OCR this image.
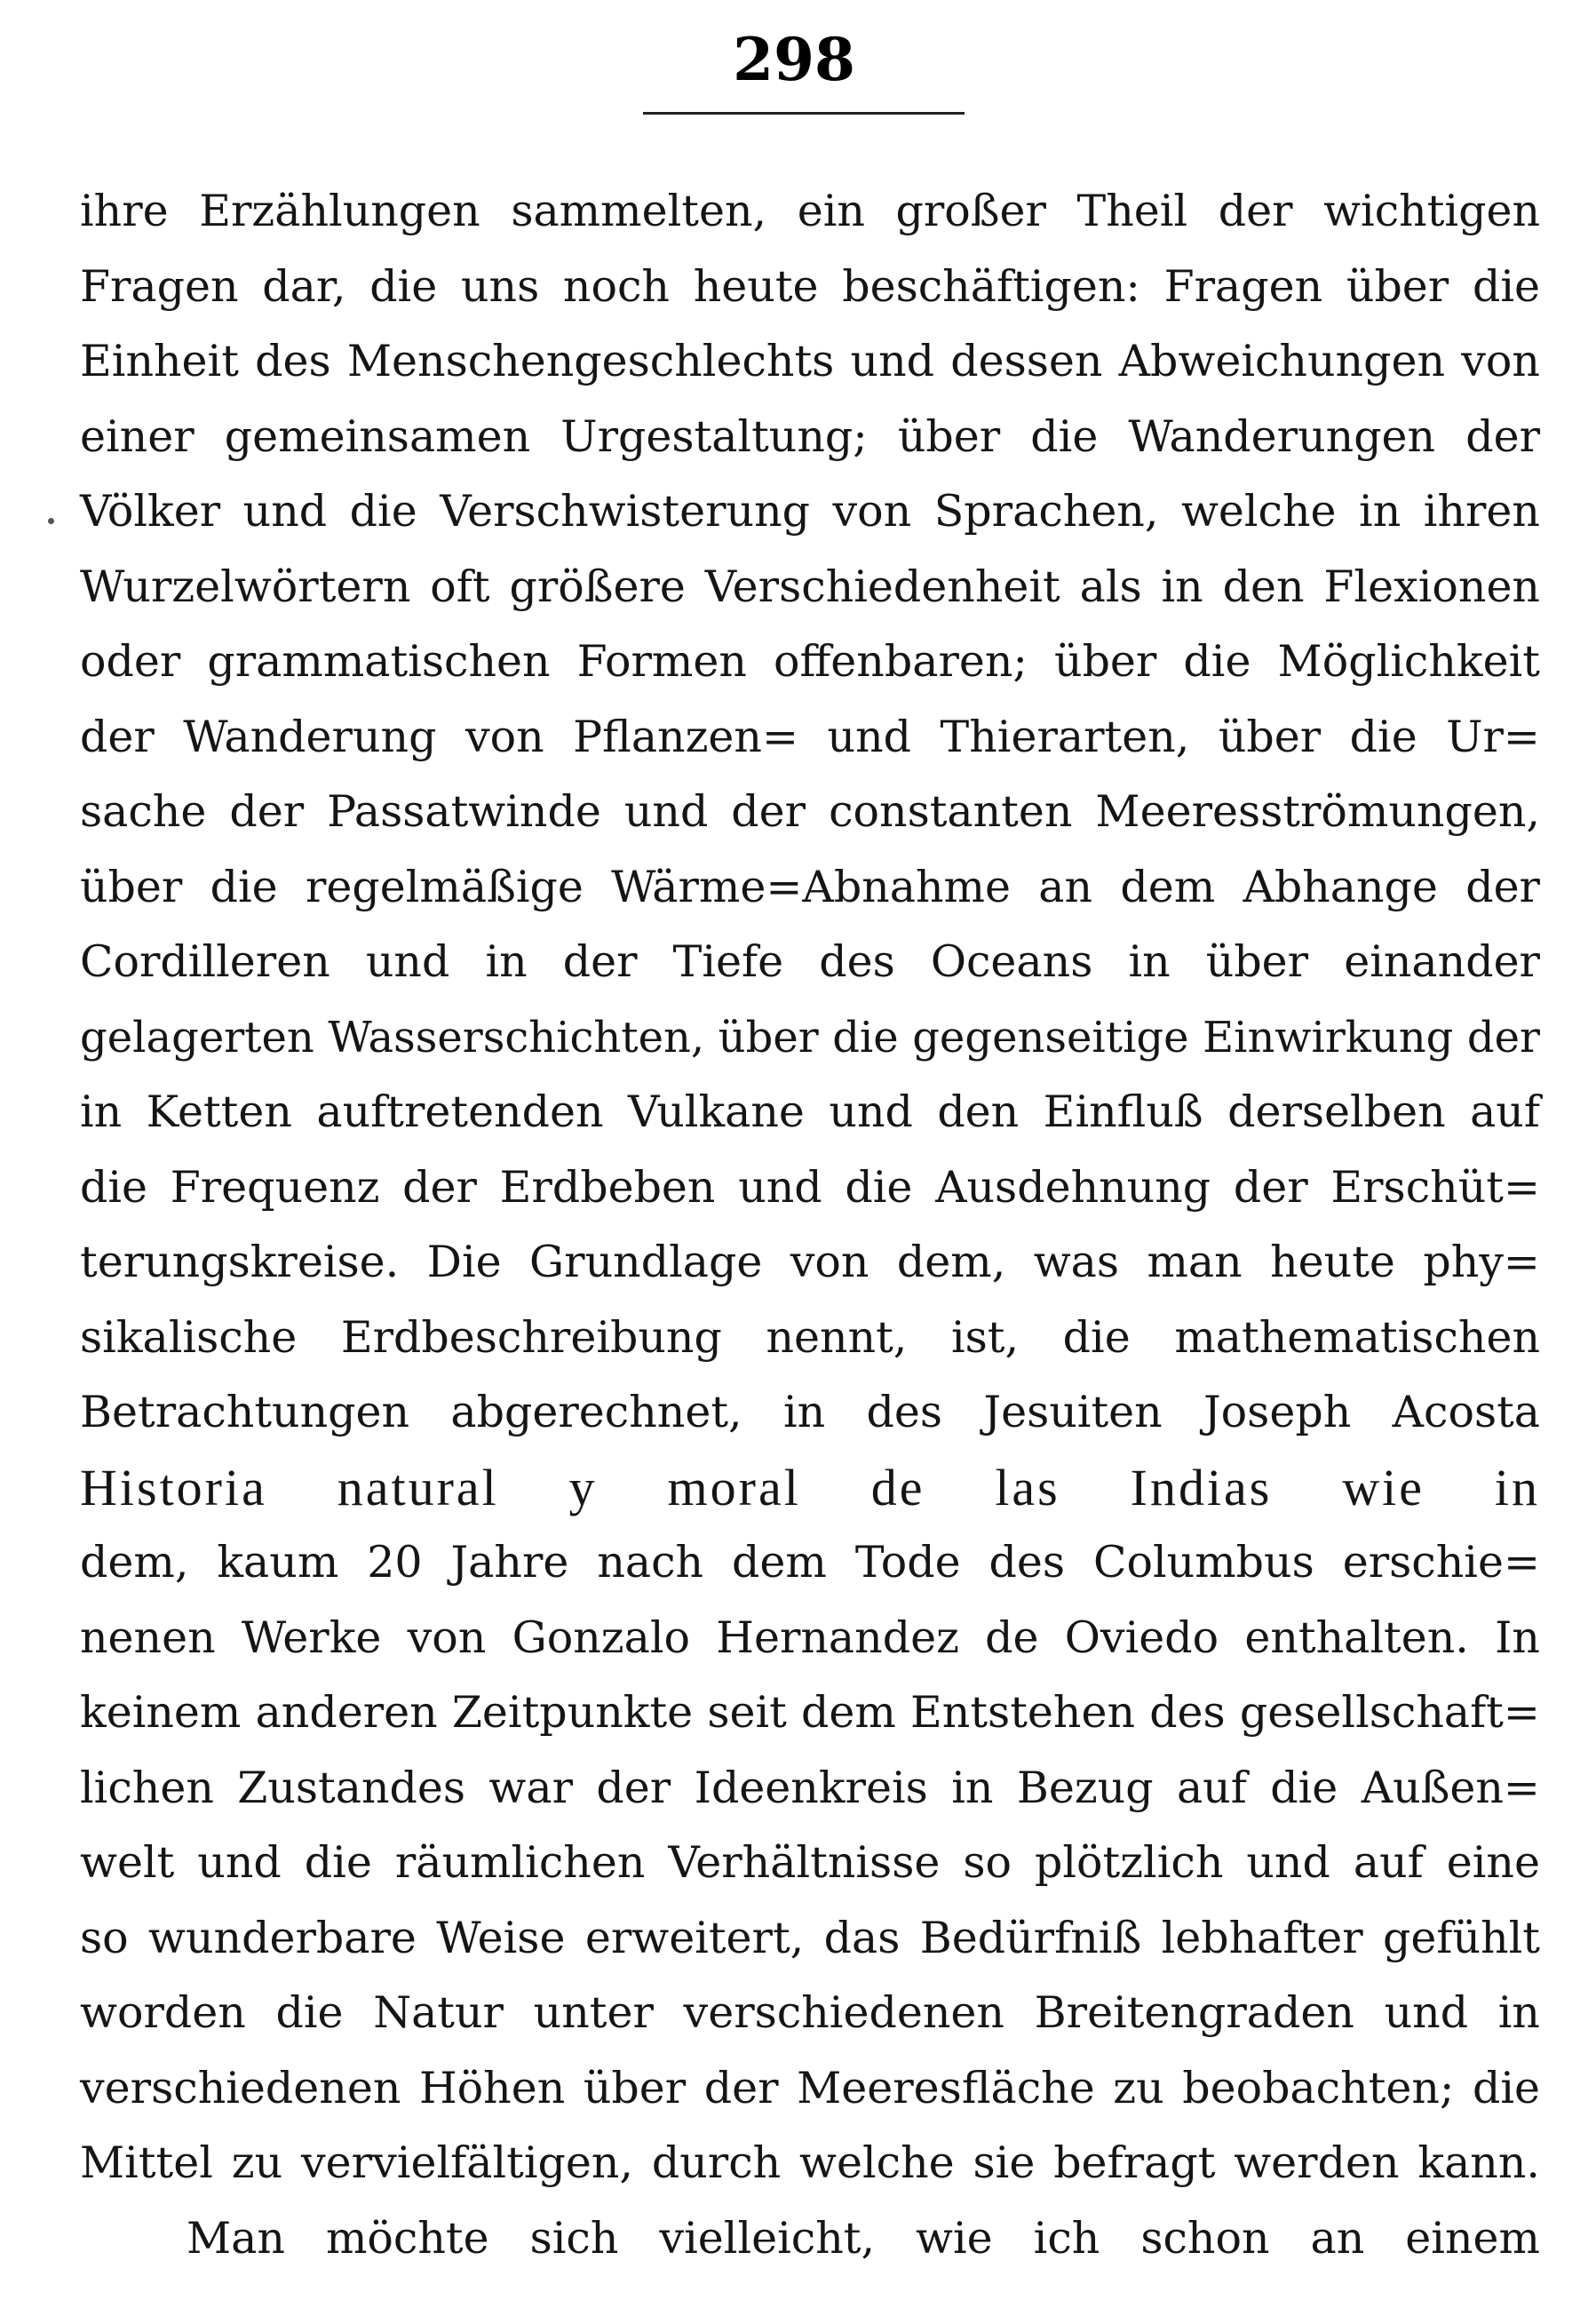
298
ihre Erzählungen sammelten, ein großer Theil der wichtigen
Fragen dar, die uns noch heute beschäftigen: Fragen über die
Einheit des Menschengeschlechts und dessen Abweichungen von
einer gemeinsamen Urgestaltung; über die Wanderungen der
Völker und die Verschwisterung von Sprachen, welche in ihren
Wurzelwörtern oft größere Verschiedenheit als in den Flexionen
oder grammatischen Formen offenbaren; über die Möglichkeit
der Wanderung von Pflanzen= und Thierarten, über die Ur=
sache der Passatwinde und der constanten Meeresströmungen,
über die regelmäßige Wärme=Abnahme an dem Abhange der
Cordilleren und in der Tiefe des Oceans in über einander
gelagerten Wasserschichten, über die gegenseitige Einwirkung der
in Ketten auftretenden Vulkane und den Einfluß derselben auf
die Frequenz der Erdbeben und die Ausdehnung der Erschüt=
terungskreise. Die Grundlage von dem, was man heute phy=
sikalische Erdbeschreibung nennt, ist, die mathematischen
Betrachtungen abgerechnet, in des Jesuiten Joseph Acosta
Historia natural y moral de las Indias wie in
dem, kaum 20 Jahre nach dem Tode des Columbus erschie=
nenen Werke von Gonzalo Hernandez de Oviedo enthalten. In
keinem anderen Zeitpunkte seit dem Entstehen des gesellschaft=
lichen Zustandes war der Ideenkreis in Bezug auf die Außen=
welt und die räumlichen Verhältnisse so plötzlich und auf eine
so wunderbare Weise erweitert, das Bedürfniß lebhafter gefühlt
worden die Natur unter verschiedenen Breitengraden und in
verschiedenen Höhen über der Meeresfläche zu beobachten; die
Mittel zu vervielfältigen, durch welche sie befragt werden kann.
Man möchte sich vielleicht, wie ich schon an einem
